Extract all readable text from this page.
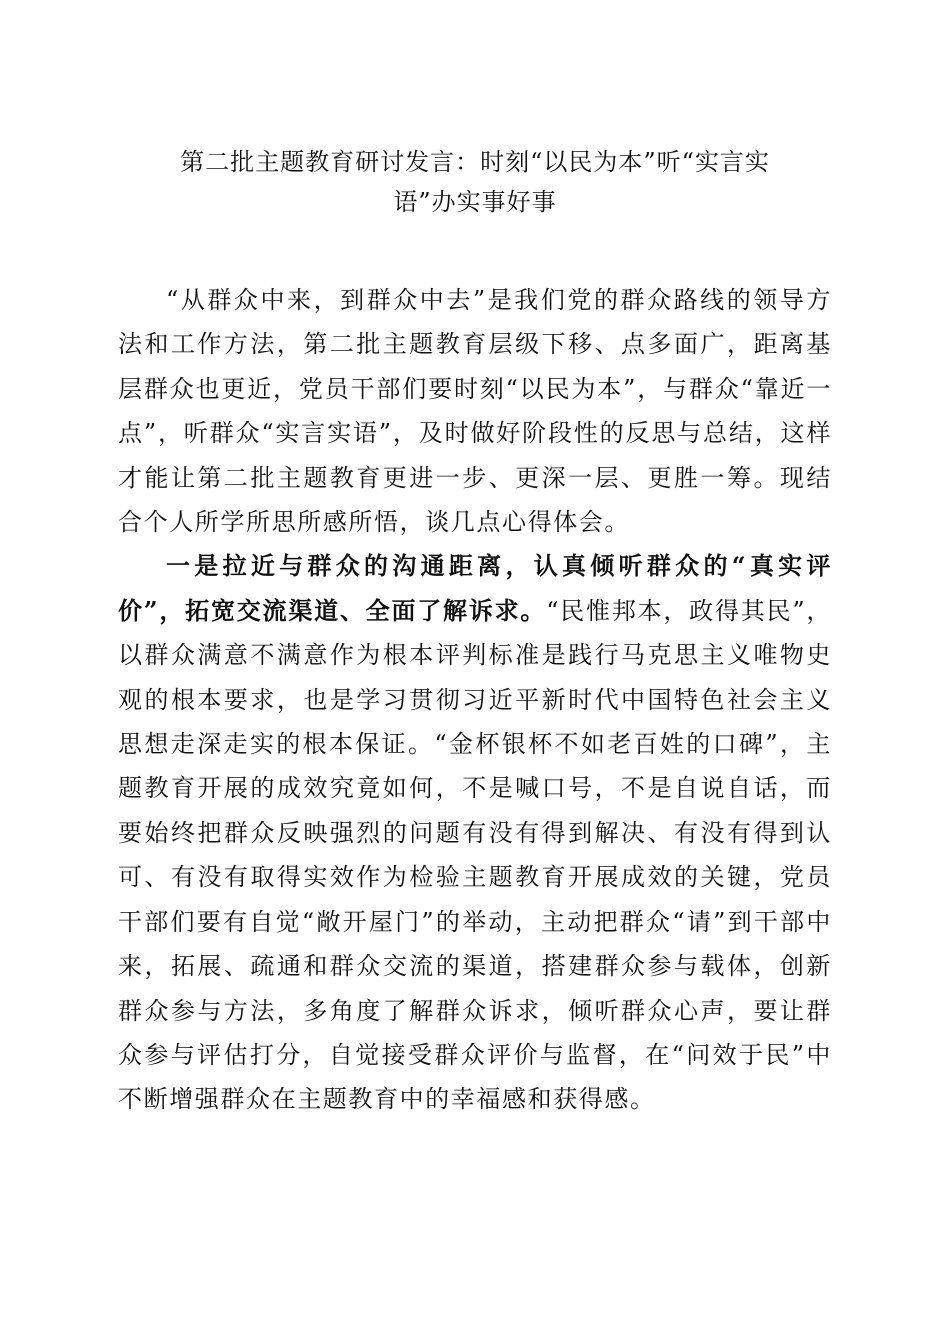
第二批主题教育研讨发言：时刻“以民为本”听“实言实
语”办实事好事

“从群众中来，到群众中去”是我们党的群众路线的领导方法和工作方法，第二批主题教育层级下移、点多面广，距离基层群众也更近，党员干部们要时刻“以民为本”，与群众“靠近一点”，听群众“实言实语”，及时做好阶段性的反思与总结，这样才能让第二批主题教育更进一步、更深一层、更胜一筹。现结合个人所学所思所感所悟，谈几点心得体会。

一是拉近与群众的沟通距离，认真倾听群众的“真实评价”，拓宽交流渠道、全面了解诉求。“民惟邦本，政得其民”，以群众满意不满意作为根本评判标准是践行马克思主义唯物史观的根本要求，也是学习贯彻习近平新时代中国特色社会主义思想走深走实的根本保证。“金杯银杯不如老百姓的口碑”，主题教育开展的成效究竟如何，不是喊口号，不是自说自话，而要始终把群众反映强烈的问题有没有得到解决、有没有得到认可、有没有取得实效作为检验主题教育开展成效的关键，党员干部们要有自觉“敞开屋门”的举动，主动把群众“请”到干部中来，拓展、疏通和群众交流的渠道，搭建群众参与载体，创新群众参与方法，多角度了解群众诉求，倾听群众心声，要让群众参与评估打分，自觉接受群众评价与监督，在“问效于民”中不断增强群众在主题教育中的幸福感和获得感。
